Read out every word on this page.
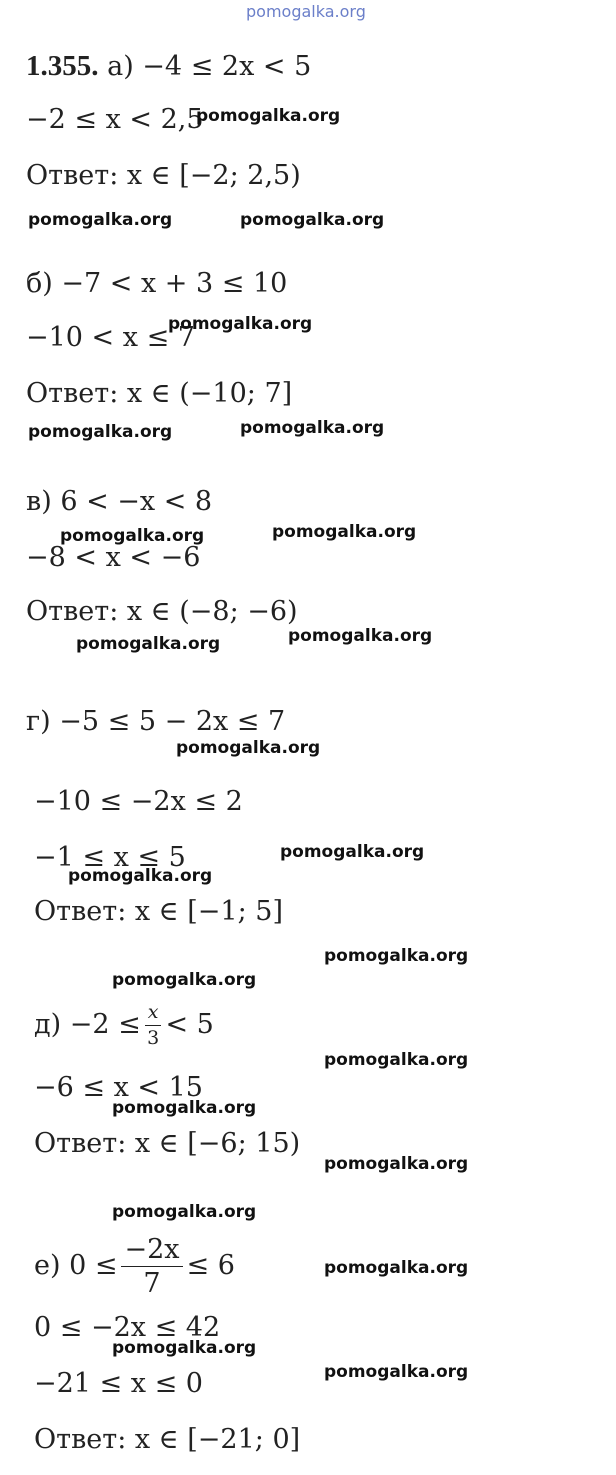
pomogalka.org
1.355. а) −4 ≤ 2x < 5
−2 ≤ x < 2,5
Ответ: x ∈ [−2; 2,5)
б) −7 < x + 3 ≤ 10
−10 < x ≤ 7
Ответ: x ∈ (−10; 7]
в) 6 < −x < 8
−8 < x < −6
Ответ: x ∈ (−8; −6)
г) −5 ≤ 5 − 2x ≤ 7
−10 ≤ −2x ≤ 2
−1 ≤ x ≤ 5
Ответ: x ∈ [−1; 5]
$д) -2 \le \frac{x}{3} < 5$
−6 ≤ x < 15
Ответ: x ∈ [−6; 15)
е) $0 \le \frac{-2x}{7} \le 6$
0 ≤ −2x ≤ 42
−21 ≤ x ≤ 0
Ответ: x ∈ [−21; 0]
pomogalka.org
pomogalka.org	pomogalka.org
pomogalka.org
pomogalka.org	pomogalka.org
pomogalka.org	pomogalka.org
pomogalka.org	pomogalka.org
pomogalka.org
pomogalka.org
pomogalka.org
pomogalka.org
pomogalka.org
pomogalka.org
pomogalka.org
pomogalka.org
pomogalka.org
pomogalka.org
pomogalka.org
pomogalka.org
